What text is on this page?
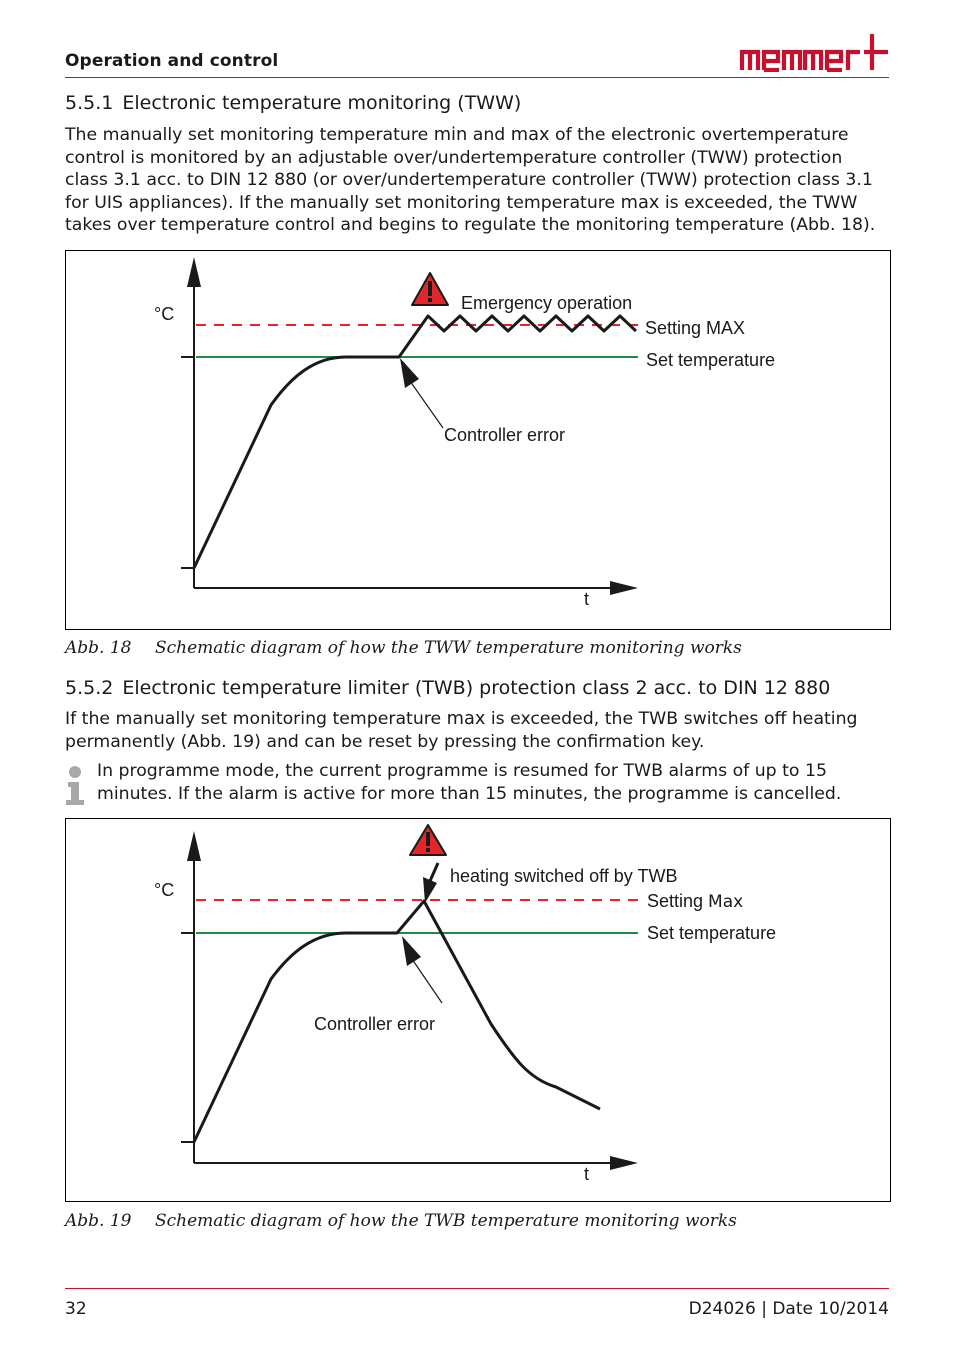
Operation and control
5.5.1 Electronic temperature monitoring (TWW)
The manually set monitoring temperature min and max of the electronic overtemperature control is monitored by an adjustable over/undertemperature controller (TWW) protection class 3.1 acc. to DIN 12 880 (or over/undertemperature controller (TWW) protection class 3.1 for UIS appliances). If the manually set monitoring temperature max is exceeded, the TWW takes over temperature control and begins to regulate the monitoring temperature (Abb. 18).
°C
t
Emergency operation
Setting MAX
Set temperature
Controller error
Abb. 18 Schematic diagram of how the TWW temperature monitoring works
5.5.2 Electronic temperature limiter (TWB) protection class 2 acc. to DIN 12 880
If the manually set monitoring temperature max is exceeded, the TWB switches off heating permanently (Abb. 19) and can be reset by pressing the confirmation key.
In programme mode, the current programme is resumed for TWB alarms of up to 15 minutes. If the alarm is active for more than 15 minutes, the programme is cancelled.
°C
t
heating switched off by TWB
Setting Max
Set temperature
Controller error
Abb. 19 Schematic diagram of how the TWB temperature monitoring works
32	D24026 | Date 10/2014
